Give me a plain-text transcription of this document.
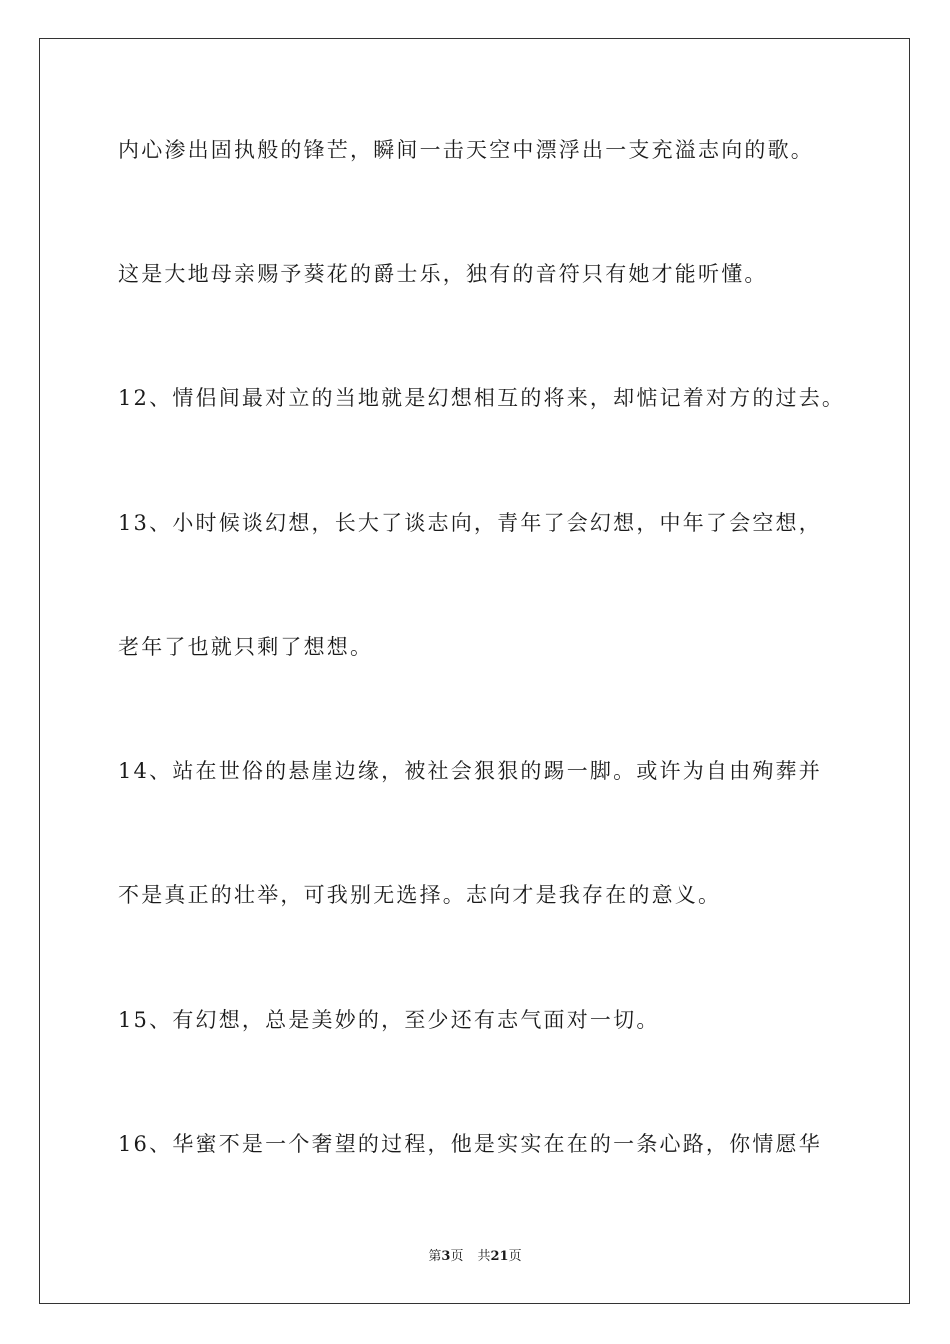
内心渗出固执般的锋芒，瞬间一击天空中漂浮出一支充溢志向的歌。
这是大地母亲赐予葵花的爵士乐，独有的音符只有她才能听懂。
12、情侣间最对立的当地就是幻想相互的将来，却惦记着对方的过去。
13、小时候谈幻想，长大了谈志向，青年了会幻想，中年了会空想，
老年了也就只剩了想想。
14、站在世俗的悬崖边缘，被社会狠狠的踢一脚。或许为自由殉葬并
不是真正的壮举，可我别无选择。志向才是我存在的意义。
15、有幻想，总是美妙的，至少还有志气面对一切。
16、华蜜不是一个奢望的过程，他是实实在在的一条心路，你情愿华
第3页 共21页
